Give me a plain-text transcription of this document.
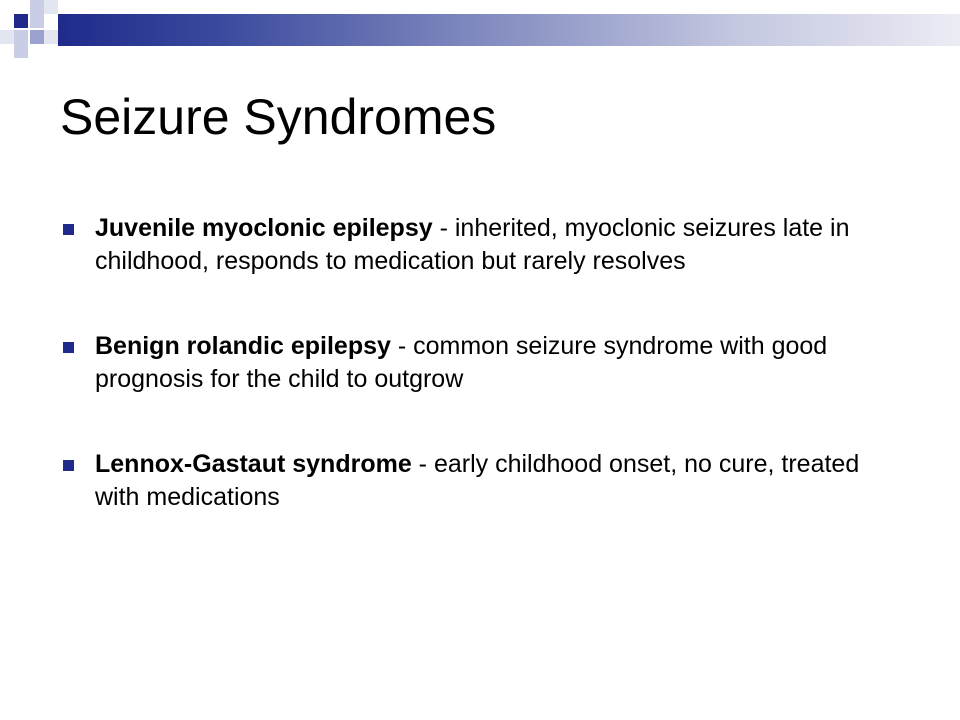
Seizure Syndromes
Juvenile myoclonic epilepsy - inherited, myoclonic seizures late in childhood, responds to medication but rarely resolves
Benign rolandic epilepsy - common seizure syndrome with good prognosis for the child to outgrow
Lennox-Gastaut syndrome - early childhood onset, no cure, treated with medications
